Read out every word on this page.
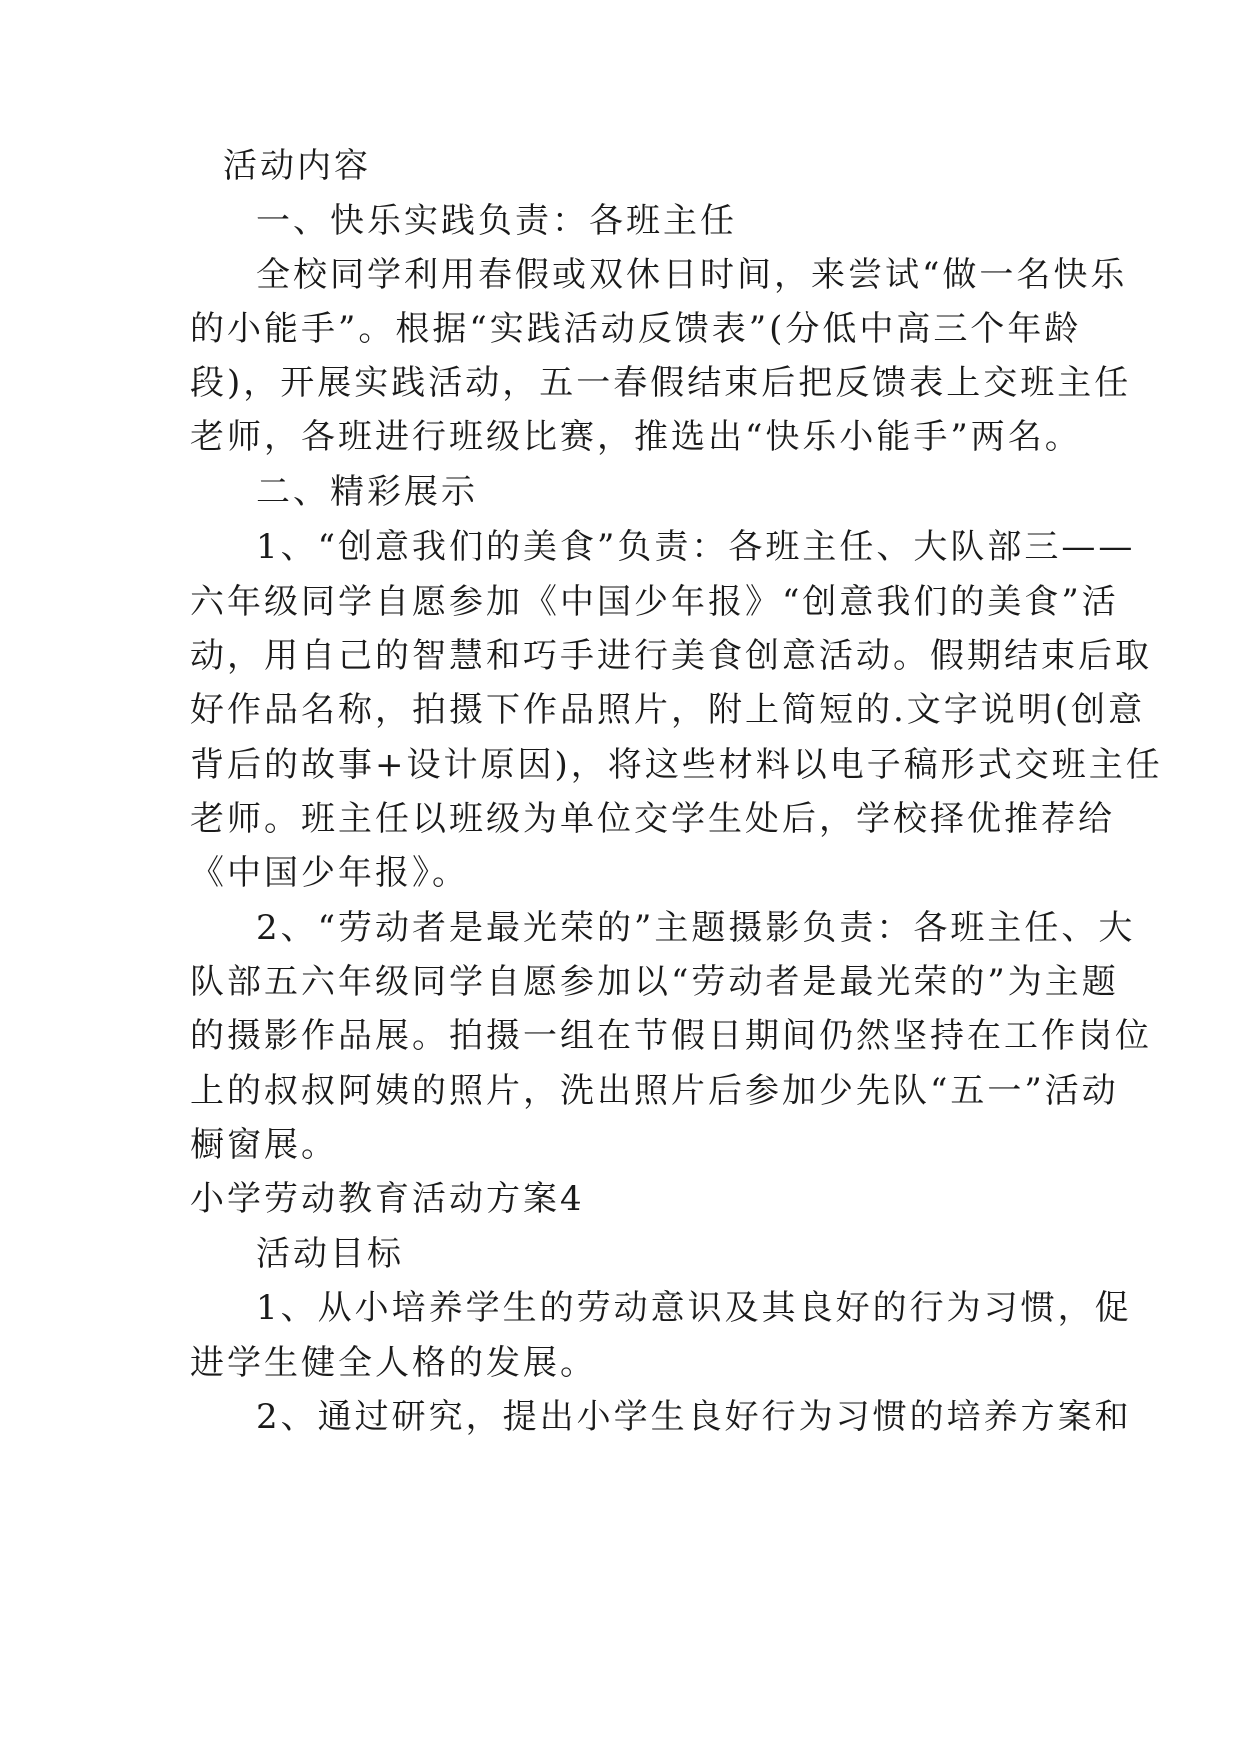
活动内容
一、快乐实践负责：各班主任
全校同学利用春假或双休日时间，来尝试“做一名快乐
的小能手”。根据“实践活动反馈表”(分低中高三个年龄
段)，开展实践活动，五一春假结束后把反馈表上交班主任
老师，各班进行班级比赛，推选出“快乐小能手”两名。
二、精彩展示
1、“创意我们的美食”负责：各班主任、大队部三——
六年级同学自愿参加《中国少年报》“创意我们的美食”活
动，用自己的智慧和巧手进行美食创意活动。假期结束后取
好作品名称，拍摄下作品照片，附上简短的.文字说明(创意
背后的故事+设计原因)，将这些材料以电子稿形式交班主任
老师。班主任以班级为单位交学生处后，学校择优推荐给
《中国少年报》。
2、“劳动者是最光荣的”主题摄影负责：各班主任、大
队部五六年级同学自愿参加以“劳动者是最光荣的”为主题
的摄影作品展。拍摄一组在节假日期间仍然坚持在工作岗位
上的叔叔阿姨的照片，洗出照片后参加少先队“五一”活动
橱窗展。
小学劳动教育活动方案4
活动目标
1、从小培养学生的劳动意识及其良好的行为习惯，促
进学生健全人格的发展。
2、通过研究，提出小学生良好行为习惯的培养方案和
